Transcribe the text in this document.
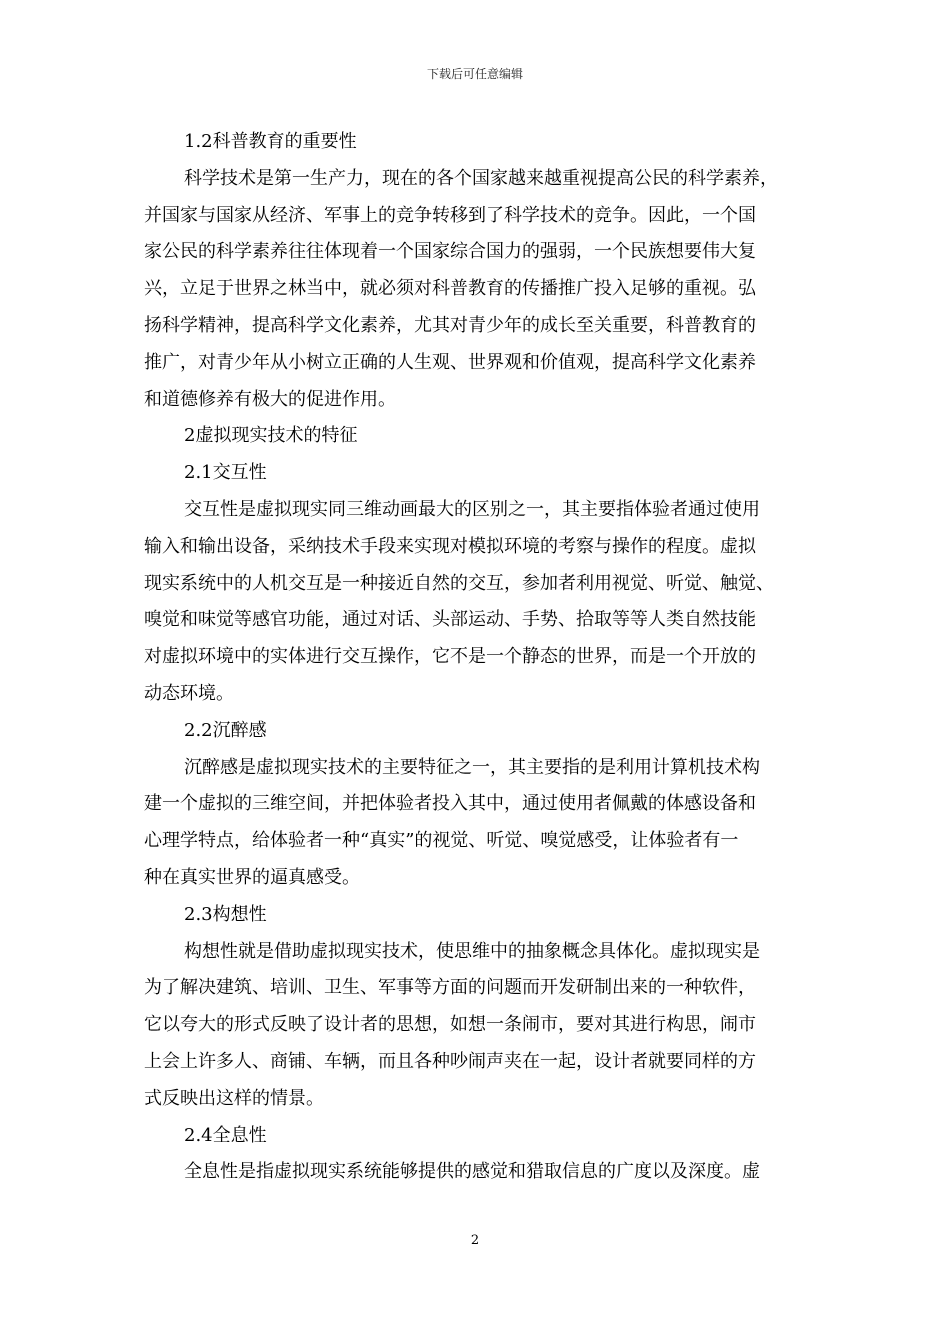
下载后可任意编辑
1.2科普教育的重要性
科学技术是第一生产力，现在的各个国家越来越重视提高公民的科学素养，
并国家与国家从经济、军事上的竞争转移到了科学技术的竞争。因此，一个国
家公民的科学素养往往体现着一个国家综合国力的强弱，一个民族想要伟大复
兴，立足于世界之林当中，就必须对科普教育的传播推广投入足够的重视。弘
扬科学精神，提高科学文化素养，尤其对青少年的成长至关重要，科普教育的
推广，对青少年从小树立正确的人生观、世界观和价值观，提高科学文化素养
和道德修养有极大的促进作用。
2虚拟现实技术的特征
2.1交互性
交互性是虚拟现实同三维动画最大的区别之一，其主要指体验者通过使用
输入和输出设备，采纳技术手段来实现对模拟环境的考察与操作的程度。虚拟
现实系统中的人机交互是一种接近自然的交互，参加者利用视觉、听觉、触觉、
嗅觉和味觉等感官功能，通过对话、头部运动、手势、拾取等等人类自然技能
对虚拟环境中的实体进行交互操作，它不是一个静态的世界，而是一个开放的
动态环境。
2.2沉醉感
沉醉感是虚拟现实技术的主要特征之一，其主要指的是利用计算机技术构
建一个虚拟的三维空间，并把体验者投入其中，通过使用者佩戴的体感设备和
心理学特点，给体验者一种“真实”的视觉、听觉、嗅觉感受，让体验者有一
种在真实世界的逼真感受。
2.3构想性
构想性就是借助虚拟现实技术，使思维中的抽象概念具体化。虚拟现实是
为了解决建筑、培训、卫生、军事等方面的问题而开发研制出来的一种软件，
它以夸大的形式反映了设计者的思想，如想一条闹市，要对其进行构思，闹市
上会上许多人、商铺、车辆，而且各种吵闹声夹在一起，设计者就要同样的方
式反映出这样的情景。
2.4全息性
全息性是指虚拟现实系统能够提供的感觉和猎取信息的广度以及深度。虚
2
